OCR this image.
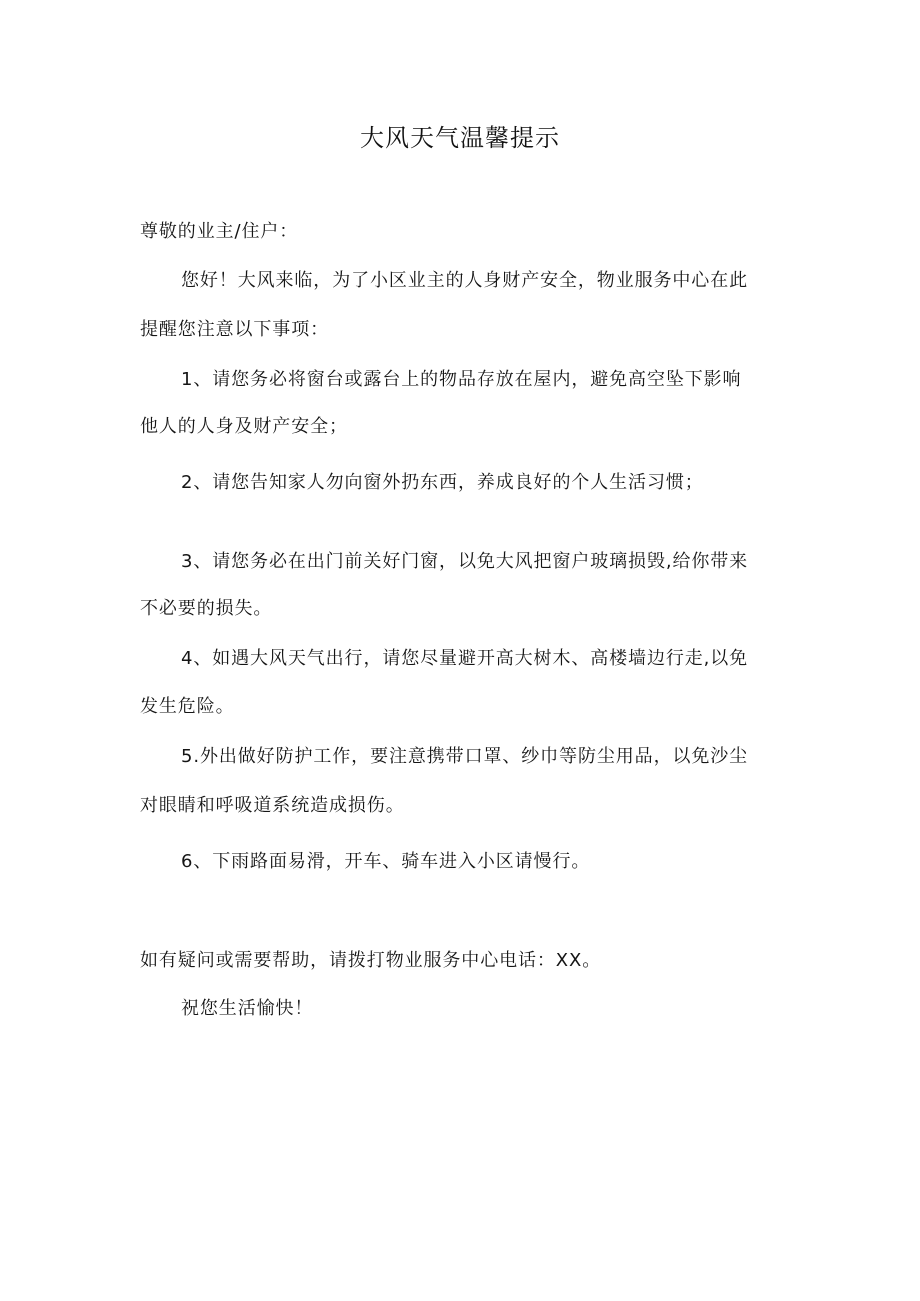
大风天气温馨提示
尊敬的业主/住户：
您好！大风来临，为了小区业主的人身财产安全，物业服务中心在此
提醒您注意以下事项：
1、请您务必将窗台或露台上的物品存放在屋内，避免高空坠下影响
他人的人身及财产安全；
2、请您告知家人勿向窗外扔东西，养成良好的个人生活习惯；
3、请您务必在出门前关好门窗，以免大风把窗户玻璃损毁,给你带来
不必要的损失。
4、如遇大风天气出行，请您尽量避开高大树木、高楼墙边行走,以免
发生危险。
5.外出做好防护工作，要注意携带口罩、纱巾等防尘用品，以免沙尘
对眼睛和呼吸道系统造成损伤。
6、下雨路面易滑，开车、骑车进入小区请慢行。
如有疑问或需要帮助，请拨打物业服务中心电话：XX。
祝您生活愉快！
